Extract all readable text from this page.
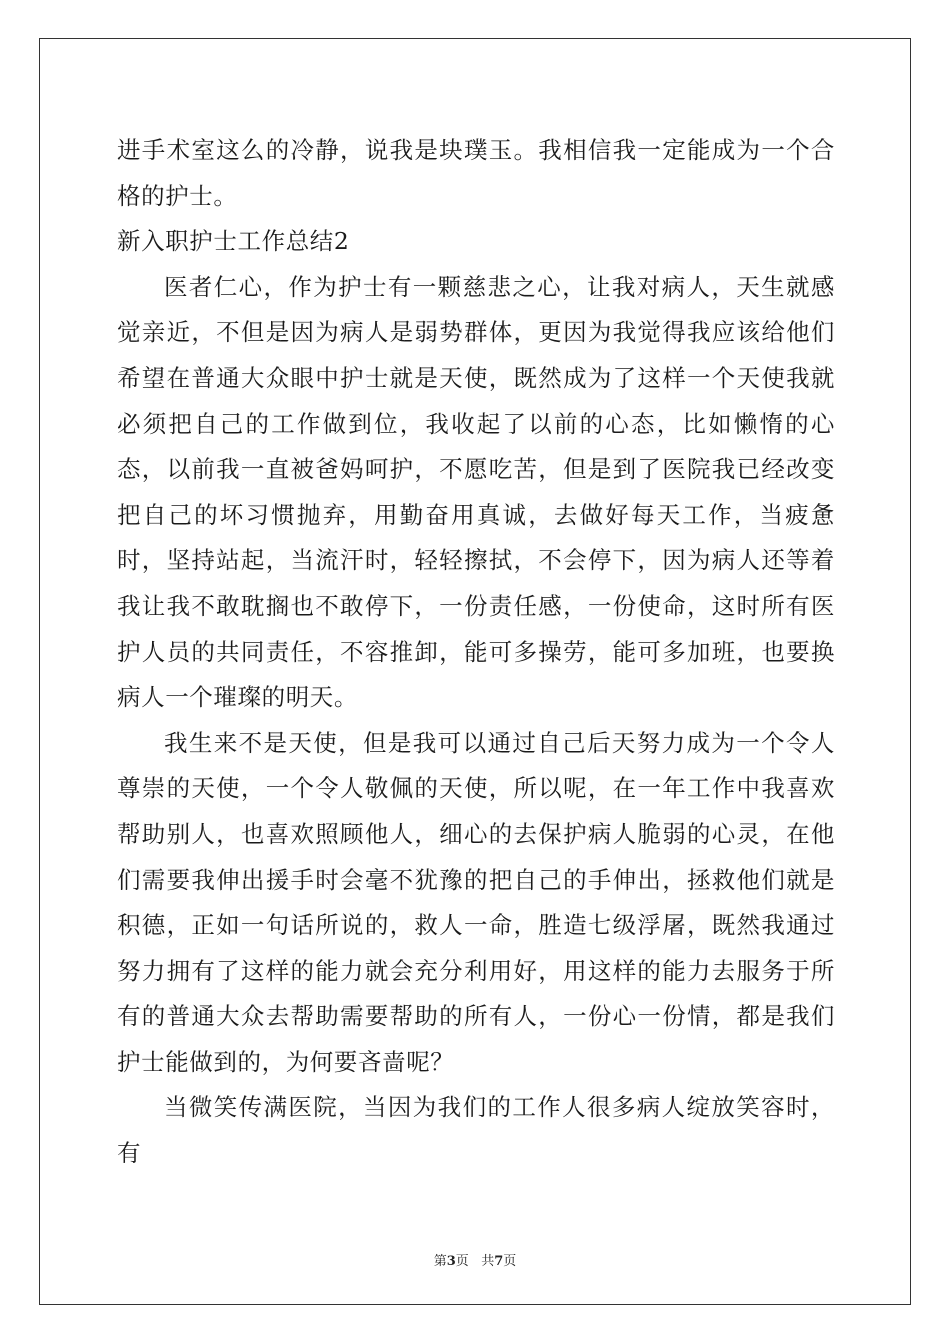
进手术室这么的冷静，说我是块璞玉。我相信我一定能成为一个合格的护士。

新入职护士工作总结2

医者仁心，作为护士有一颗慈悲之心，让我对病人，天生就感觉亲近，不但是因为病人是弱势群体，更因为我觉得我应该给他们希望在普通大众眼中护士就是天使，既然成为了这样一个天使我就必须把自己的工作做到位，我收起了以前的心态，比如懒惰的心态，以前我一直被爸妈呵护，不愿吃苦，但是到了医院我已经改变把自己的坏习惯抛弃，用勤奋用真诚，去做好每天工作，当疲惫时，坚持站起，当流汗时，轻轻擦拭，不会停下，因为病人还等着我让我不敢耽搁也不敢停下，一份责任感，一份使命，这时所有医护人员的共同责任，不容推卸，能可多操劳，能可多加班，也要换病人一个璀璨的明天。

我生来不是天使，但是我可以通过自己后天努力成为一个令人尊崇的天使，一个令人敬佩的天使，所以呢，在一年工作中我喜欢帮助别人，也喜欢照顾他人，细心的去保护病人脆弱的心灵，在他们需要我伸出援手时会毫不犹豫的把自己的手伸出，拯救他们就是积德，正如一句话所说的，救人一命，胜造七级浮屠，既然我通过努力拥有了这样的能力就会充分利用好，用这样的能力去服务于所有的普通大众去帮助需要帮助的所有人，一份心一份情，都是我们护士能做到的，为何要吝啬呢？

当微笑传满医院，当因为我们的工作人很多病人绽放笑容时，有

第3页 共7页
